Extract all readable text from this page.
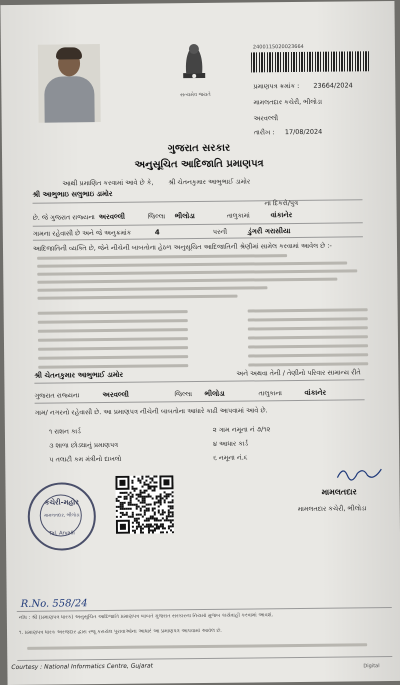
સત્યમેવ જયતે
2400115020023664
પ્રમાણપત્ર ક્રમાંક : 23664/2024
મામલતદાર કચેરી, ભીલોડા
અરવલ્લી
તારીખ : 17/08/2024
ગુજરાત સરકાર
અનુસૂચિત આદિજાતિ પ્રમાણપત્ર
આથી પ્રમાણિત કરવામાં આવે છે કે, શ્રી ચેતનકુમાર આભુભાઈ ડામોર
શ્રી આભુભાઇ સલુભાઇ ડામોર
ના દિકરો/પુત્ર
છે. જે ગુજરાત રાજ્યના અરવલ્લી	જિલ્લા ભીલોડા	તાલુકામાં	વાંકાનેર
ગામના રહેવાસી છે અને જે અનુક્રમાંક	4	પરની	ડુંગરી ગરાસીયા
આદિજાતિની વ્યક્તિ છે, જેને નીચેની બાબતોના હેઠળ અનુસૂચિત આદિજાતિની શ્રેણીમાં સામેલ કરવામાં આવેલ છે :-
શ્રી ચેતનકુમાર આભુભાઈ ડામોર	અને અથવા તેની / તેણીનો પરિવાર સામાન્ય રીતે
ગુજરાત રાજ્યના	અરવલ્લી	જિલ્લા ભીલોડા	તાલુકાના	વાંકાનેર
ગામ/ નગરનો રહેવાસી છે. આ પ્રમાણપત્ર નીચેની બાબતોના આધારે કાઢી આપવામાં આવે છે.
૧ રાશન કાર્ડ	૨ ગામ નમૂના નં ૭/૧૨
૩ શાળા છોડ્યાનું પ્રમાણપત્ર	૪ આધાર કાર્ડ
૫ તલાટી કમ મંત્રીનો દાખલો	૬ નમૂના નં.૬
કચેરી-મહોર
મામલતદાર, ભીલોડા
Tal. Arvalli
મામલતદાર
મામલતદાર કચેરી, ભીલોડા
R.No. 558/24
નોંધ : શ્રી (પ્રમાણપત્ર ધારક) અનુસૂચિત આદિજાતિ પ્રમાણપત્ર બાબતે ગુજરાત સરકારના નિયમો મુજબ કાર્યવાહી કરવામાં આવશે.
૧. પ્રમાણપત્ર ધારક અરજદાર દ્વારા રજૂ કરાયેલ પુરાવાઓના આધારે આ પ્રમાણપત્ર આપવામાં આવેલ છે.
Courtesy : National Informatics Centre, Gujarat	Digital
